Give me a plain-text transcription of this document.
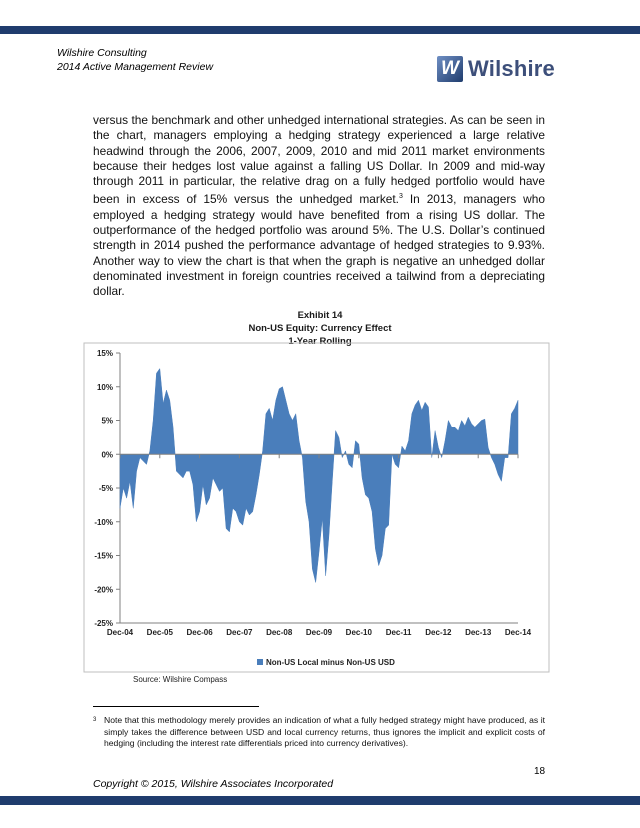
Wilshire Consulting
2014 Active Management Review	W Wilshire
versus the benchmark and other unhedged international strategies. As can be seen in the chart, managers employing a hedging strategy experienced a large relative headwind through the 2006, 2007, 2009, 2010 and mid 2011 market environments because their hedges lost value against a falling US Dollar. In 2009 and mid-way through 2011 in particular, the relative drag on a fully hedged portfolio would have been in excess of 15% versus the unhedged market.$^3$ In 2013, managers who employed a hedging strategy would have benefited from a rising US dollar. The outperformance of the hedged portfolio was around 5%. The U.S. Dollar’s continued strength in 2014 pushed the performance advantage of hedged strategies to 9.93%. Another way to view the chart is that when the graph is negative an unhedged dollar denominated investment in foreign countries received a tailwind from a depreciating dollar.
Exhibit 14
Non-US Equity: Currency Effect
1-Year Rolling
15%
10%
5%
0%
-5%
-10%
-15%
-20%
-25%
Dec-04 Dec-05 Dec-06 Dec-07 Dec-08 Dec-09 Dec-10 Dec-11 Dec-12 Dec-13 Dec-14
Non-US Local minus Non-US USD
Source: Wilshire Compass
3 Note that this methodology merely provides an indication of what a fully hedged strategy might have produced, as it simply takes the difference between USD and local currency returns, thus ignores the implicit and explicit costs of hedging (including the interest rate differentials priced into currency derivatives).
18
Copyright © 2015, Wilshire Associates Incorporated
